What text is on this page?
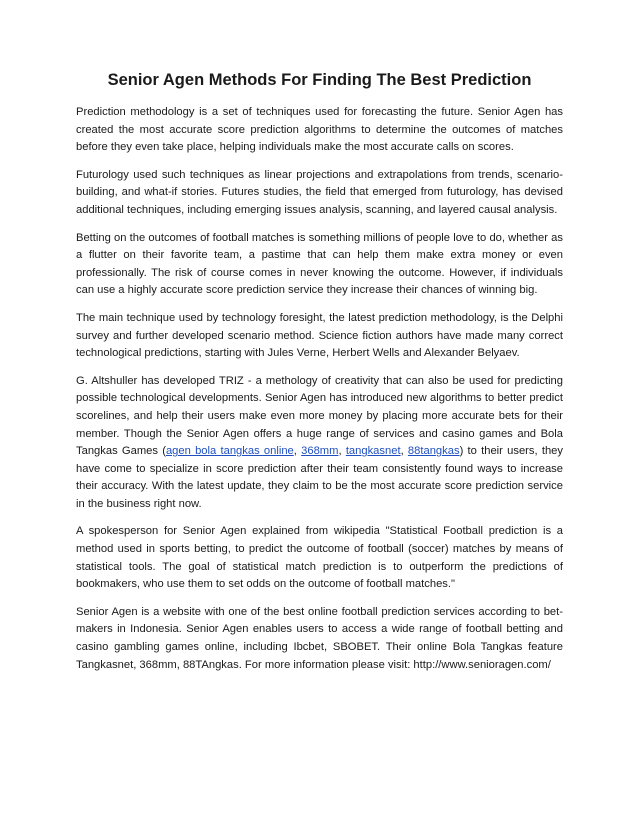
Senior Agen Methods For Finding The Best Prediction

Prediction methodology is a set of techniques used for forecasting the future. Senior Agen has created the most accurate score prediction algorithms to determine the outcomes of matches before they even take place, helping individuals make the most accurate calls on scores.

Futurology used such techniques as linear projections and extrapolations from trends, scenario-building, and what-if stories. Futures studies, the field that emerged from futurology, has devised additional techniques, including emerging issues analysis, scanning, and layered causal analysis.

Betting on the outcomes of football matches is something millions of people love to do, whether as a flutter on their favorite team, a pastime that can help them make extra money or even professionally. The risk of course comes in never knowing the outcome. However, if individuals can use a highly accurate score prediction service they increase their chances of winning big.

The main technique used by technology foresight, the latest prediction methodology, is the Delphi survey and further developed scenario method. Science fiction authors have made many correct technological predictions, starting with Jules Verne, Herbert Wells and Alexander Belyaev.

G. Altshuller has developed TRIZ - a methology of creativity that can also be used for predicting possible technological developments. Senior Agen has introduced new algorithms to better predict scorelines, and help their users make even more money by placing more accurate bets for their member. Though the Senior Agen offers a huge range of services and casino games and Bola Tangkas Games (agen bola tangkas online, 368mm, tangkasnet, 88tangkas) to their users, they have come to specialize in score prediction after their team consistently found ways to increase their accuracy. With the latest update, they claim to be the most accurate score prediction service in the business right now.

A spokesperson for Senior Agen explained from wikipedia "Statistical Football prediction is a method used in sports betting, to predict the outcome of football (soccer) matches by means of statistical tools. The goal of statistical match prediction is to outperform the predictions of bookmakers, who use them to set odds on the outcome of football matches."

Senior Agen is a website with one of the best online football prediction services according to bet-makers in Indonesia. Senior Agen enables users to access a wide range of football betting and casino gambling games online, including Ibcbet, SBOBET. Their online Bola Tangkas feature Tangkasnet, 368mm, 88TAngkas. For more information please visit: http://www.senioragen.com/
